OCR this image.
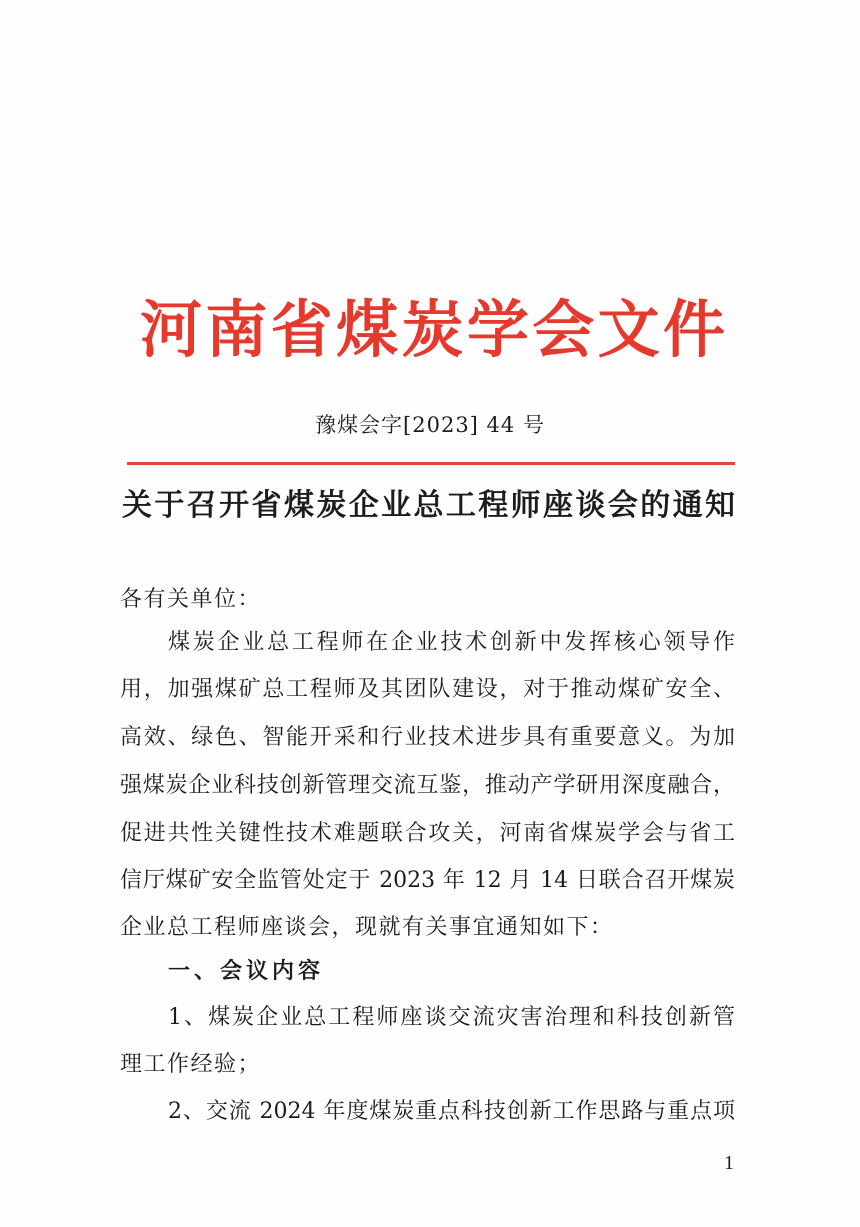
河南省煤炭学会文件
豫煤会字[2023] 44 号
关于召开省煤炭企业总工程师座谈会的通知
各有关单位：
煤炭企业总工程师在企业技术创新中发挥核心领导作
用，加强煤矿总工程师及其团队建设，对于推动煤矿安全、
高效、绿色、智能开采和行业技术进步具有重要意义。为加
强煤炭企业科技创新管理交流互鉴，推动产学研用深度融合，
促进共性关键性技术难题联合攻关，河南省煤炭学会与省工
信厅煤矿安全监管处定于 2023 年 12 月 14 日联合召开煤炭
企业总工程师座谈会，现就有关事宜通知如下：
一、会议内容
1、煤炭企业总工程师座谈交流灾害治理和科技创新管
理工作经验；
2、交流 2024 年度煤炭重点科技创新工作思路与重点项
1
